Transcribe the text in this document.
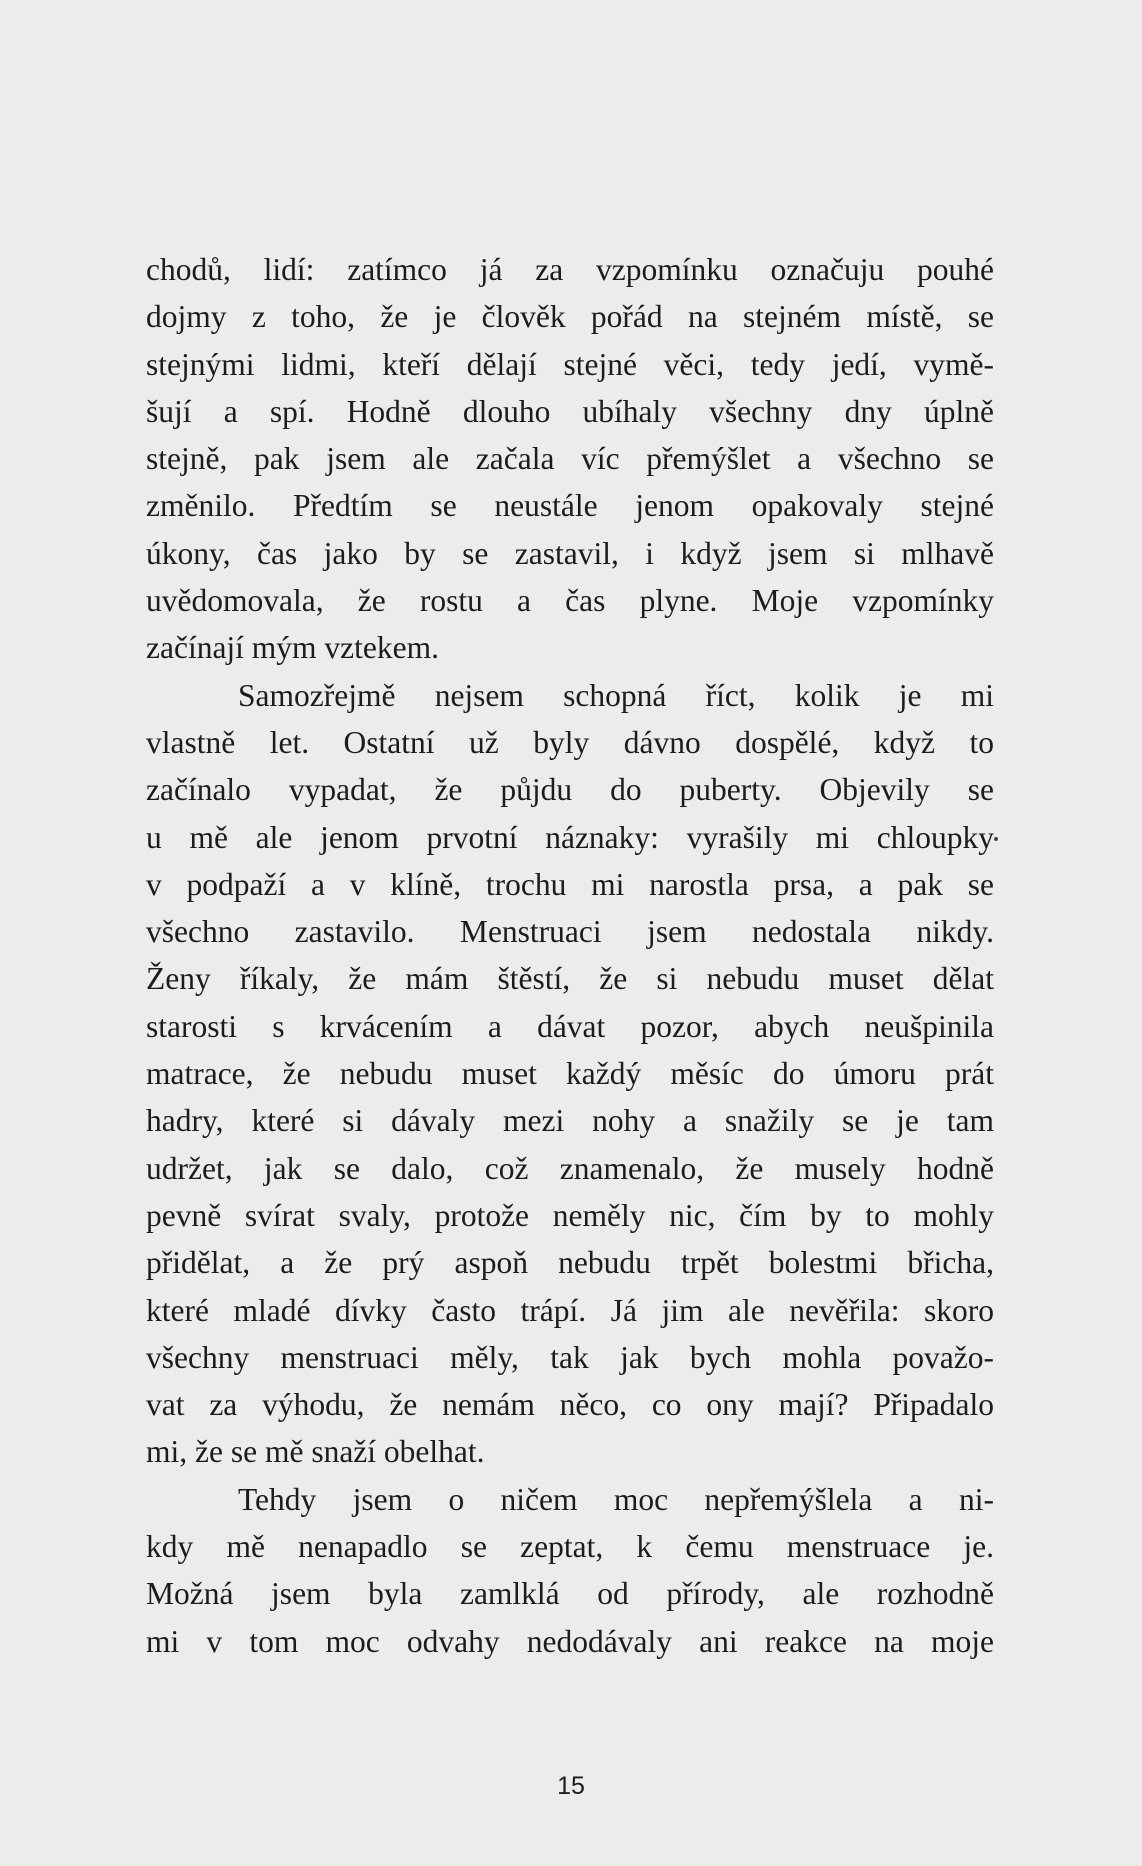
chodů, lidí: zatímco já za vzpomínku označuju pouhé
dojmy z toho, že je člověk pořád na stejném místě, se
stejnými lidmi, kteří dělají stejné věci, tedy jedí, vymě-
šují a spí. Hodně dlouho ubíhaly všechny dny úplně
stejně, pak jsem ale začala víc přemýšlet a všechno se
změnilo. Předtím se neustále jenom opakovaly stejné
úkony, čas jako by se zastavil, i když jsem si mlhavě
uvědomovala, že rostu a čas plyne. Moje vzpomínky
začínají mým vztekem.
Samozřejmě nejsem schopná říct, kolik je mi
vlastně let. Ostatní už byly dávno dospělé, když to
začínalo vypadat, že půjdu do puberty. Objevily se
u mě ale jenom prvotní náznaky: vyrašily mi chloupky
v podpaží a v klíně, trochu mi narostla prsa, a pak se
všechno zastavilo. Menstruaci jsem nedostala nikdy.
Ženy říkaly, že mám štěstí, že si nebudu muset dělat
starosti s krvácením a dávat pozor, abych neušpinila
matrace, že nebudu muset každý měsíc do úmoru prát
hadry, které si dávaly mezi nohy a snažily se je tam
udržet, jak se dalo, což znamenalo, že musely hodně
pevně svírat svaly, protože neměly nic, čím by to mohly
přidělat, a že prý aspoň nebudu trpět bolestmi břicha,
které mladé dívky často trápí. Já jim ale nevěřila: skoro
všechny menstruaci měly, tak jak bych mohla považo-
vat za výhodu, že nemám něco, co ony mají? Připadalo
mi, že se mě snaží obelhat.
Tehdy jsem o ničem moc nepřemýšlela a ni-
kdy mě nenapadlo se zeptat, k čemu menstruace je.
Možná jsem byla zamlklá od přírody, ale rozhodně
mi v tom moc odvahy nedodávaly ani reakce na moje
15
